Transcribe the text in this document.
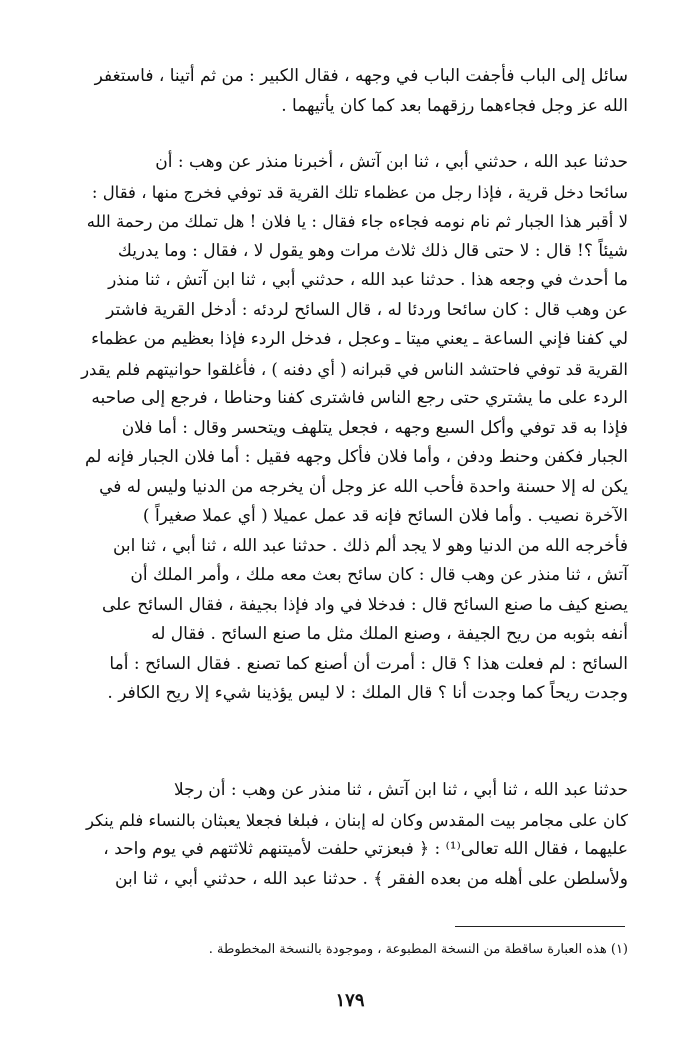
سائل إلى الباب فأجفت الباب في وجهه ، فقال الكبير : من ثم أتينا ، فاستغفر
الله عز وجل فجاءهما رزقهما بعد كما كان يأتيهما .
حدثنا عبد الله ، حدثني أبي ، ثنا ابن آتش ، أخبرنا منذر عن وهب : أن
سائحا دخل قرية ، فإذا رجل من عظماء تلك القرية قد توفي فخرج منها ، فقال :
لا أقبر هذا الجبار ثم نام نومه فجاءه جاء فقال : يا فلان ! هل تملك من رحمة الله
شيئاً ؟! قال : لا حتى قال ذلك ثلاث مرات وهو يقول لا ، فقال : وما يدريك
ما أحدث في وجعه هذا . حدثنا عبد الله ، حدثني أبي ، ثنا ابن آتش ، ثنا منذر
عن وهب قال : كان سائحا وردئا له ، قال السائح لردئه : أدخل القرية فاشتر
لي كفنا فإني الساعة ـ يعني ميتا ـ وعجل ، فدخل الردء فإذا بعظيم من عظماء
القرية قد توفي فاحتشد الناس في قبرانه ( أي دفنه ) ، فأغلقوا حوانيتهم فلم يقدر
الردء على ما يشتري حتى رجع الناس فاشترى كفنا وحناطا ، فرجع إلى صاحبه
فإذا به قد توفي وأكل السبع وجهه ، فجعل يتلهف ويتحسر وقال : أما فلان
الجبار فكفن وحنط ودفن ، وأما فلان فأكل وجهه فقيل : أما فلان الجبار فإنه لم
يكن له إلا حسنة واحدة فأحب الله عز وجل أن يخرجه من الدنيا وليس له في
الآخرة نصيب . وأما فلان السائح فإنه قد عمل عميلا ( أي عملا صغيراً )
فأخرجه الله من الدنيا وهو لا يجد ألم ذلك . حدثنا عبد الله ، ثنا أبي ، ثنا ابن
آتش ، ثنا منذر عن وهب قال : كان سائح بعث معه ملك ، وأمر الملك أن
يصنع كيف ما صنع السائح قال : فدخلا في واد فإذا بجيفة ، فقال السائح على
أنفه بثوبه من ريح الجيفة ، وصنع الملك مثل ما صنع السائح . فقال له
السائح : لم فعلت هذا ؟ قال : أمرت أن أصنع كما تصنع . فقال السائح : أما
وجدت ريحاً كما وجدت أنا ؟ قال الملك : لا ليس يؤذينا شيء إلا ريح الكافر .
حدثنا عبد الله ، ثنا أبي ، ثنا ابن آتش ، ثنا منذر عن وهب : أن رجلا
كان على مجامر بيت المقدس وكان له إبنان ، فبلغا فجعلا يعبثان بالنساء فلم ينكر
عليهما ، فقال الله تعالى⁽¹⁾ : ﴿ فبعزتي حلفت لأميتنهم ثلاثتهم في يوم واحد ،
ولأسلطن على أهله من بعده الفقر ﴾ . حدثنا عبد الله ، حدثني أبي ، ثنا ابن
(١) هذه العبارة ساقطة من النسخة المطبوعة ، وموجودة بالنسخة المخطوطة .
١٧٩
